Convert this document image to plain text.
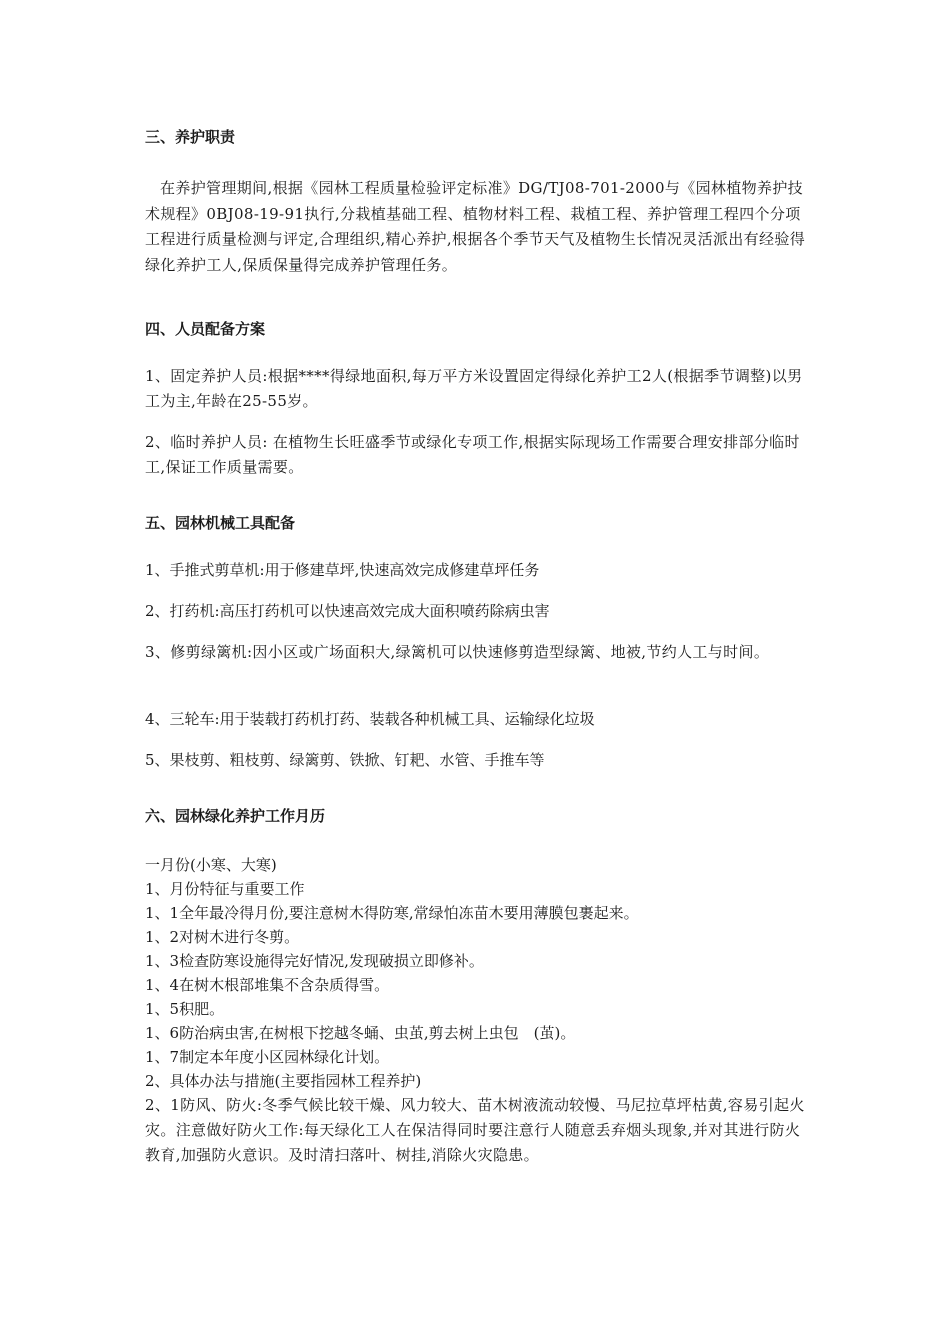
三、养护职责

在养护管理期间,根据《园林工程质量检验评定标准》DG/TJ08-701-2000与《园林植物养护技术规程》0BJ08-19-91执行,分栽植基础工程、植物材料工程、栽植工程、养护管理工程四个分项工程进行质量检测与评定,合理组织,精心养护,根据各个季节天气及植物生长情况灵活派出有经验得绿化养护工人,保质保量得完成养护管理任务。

四、人员配备方案

1、固定养护人员:根据****得绿地面积,每万平方米设置固定得绿化养护工2人(根据季节调整)以男工为主,年龄在25-55岁。

2、临时养护人员: 在植物生长旺盛季节或绿化专项工作,根据实际现场工作需要合理安排部分临时工,保证工作质量需要。

五、园林机械工具配备

1、手推式剪草机:用于修建草坪,快速高效完成修建草坪任务

2、打药机:高压打药机可以快速高效完成大面积喷药除病虫害

3、修剪绿篱机:因小区或广场面积大,绿篱机可以快速修剪造型绿篱、地被,节约人工与时间。

4、三轮车:用于装载打药机打药、装载各种机械工具、运输绿化垃圾

5、果枝剪、粗枝剪、绿篱剪、铁掀、钉耙、水管、手推车等

六、园林绿化养护工作月历

一月份(小寒、大寒)

1、月份特征与重要工作

1、1全年最冷得月份,要注意树木得防寒,常绿怕冻苗木要用薄膜包裹起来。

1、2对树木进行冬剪。

1、3检查防寒设施得完好情况,发现破损立即修补。

1、4在树木根部堆集不含杂质得雪。

1、5积肥。

1、6防治病虫害,在树根下挖越冬蛹、虫茧,剪去树上虫包　(茧)。

1、7制定本年度小区园林绿化计划。

2、具体办法与措施(主要指园林工程养护)

2、1防风、防火:冬季气候比较干燥、风力较大、苗木树液流动较慢、马尼拉草坪枯黄,容易引起火灾。注意做好防火工作:每天绿化工人在保洁得同时要注意行人随意丢弃烟头现象,并对其进行防火教育,加强防火意识。及时清扫落叶、树挂,消除火灾隐患。
